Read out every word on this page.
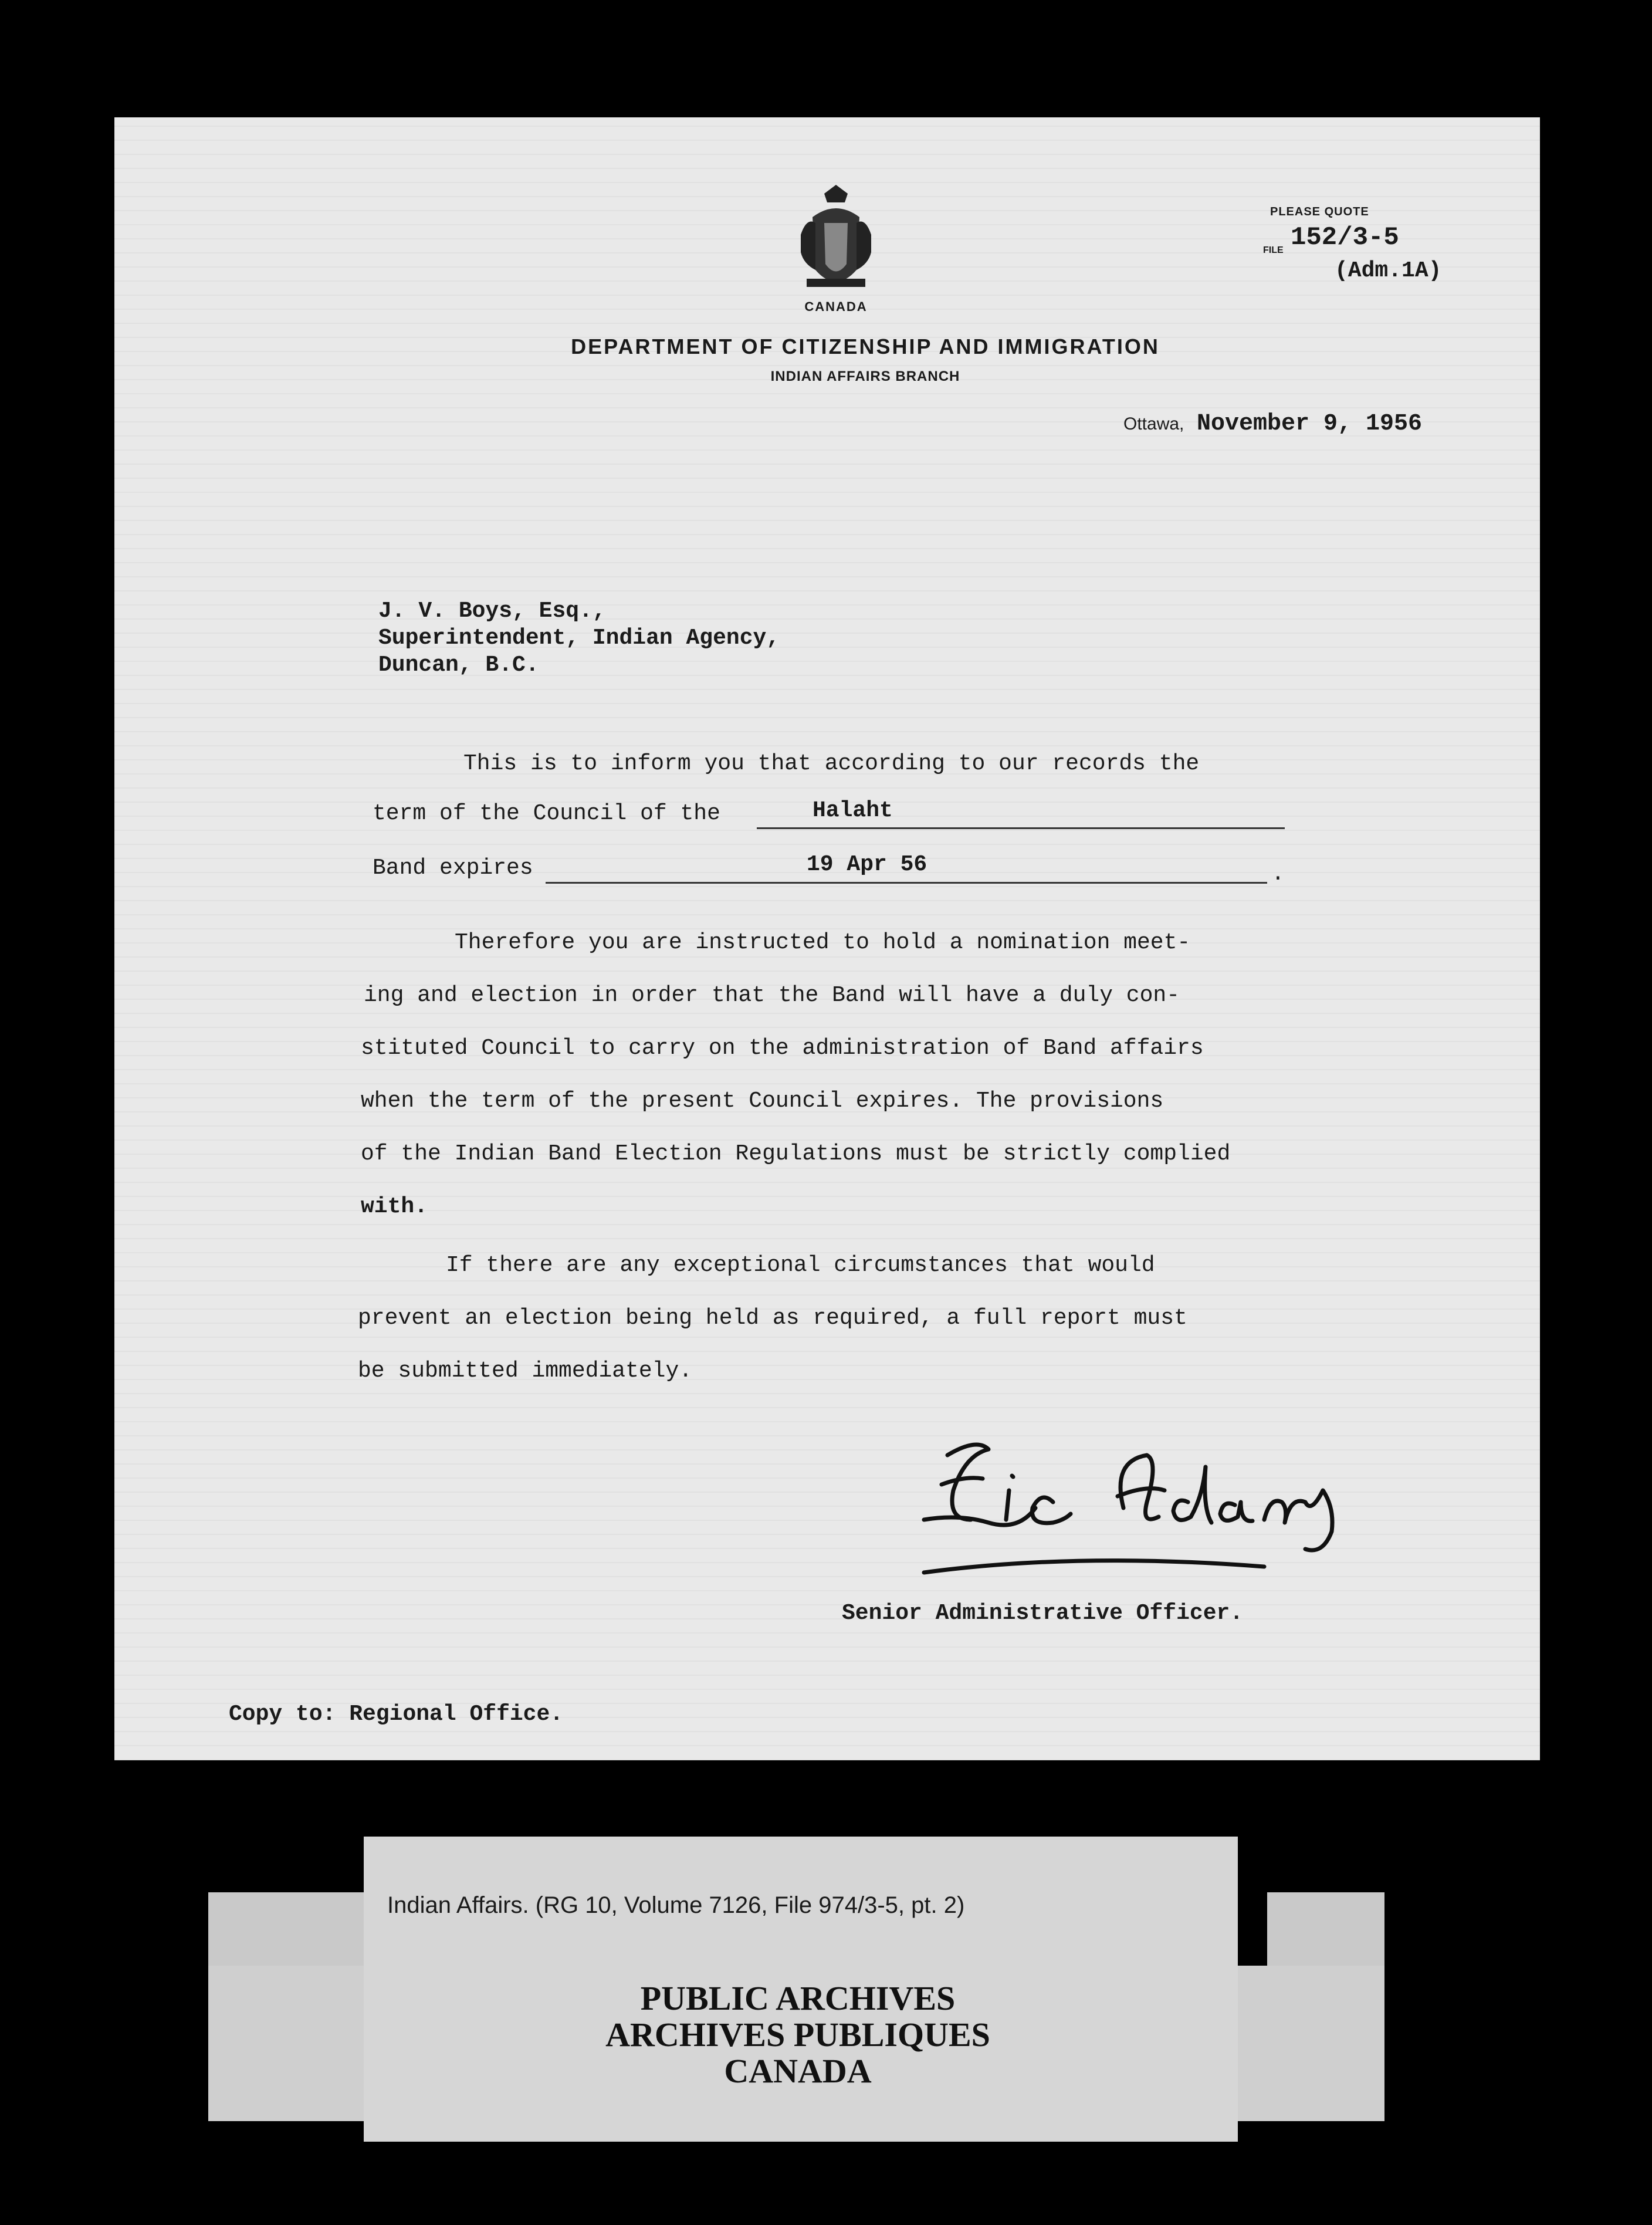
CANADA
DEPARTMENT OF CITIZENSHIP AND IMMIGRATION
INDIAN AFFAIRS BRANCH
PLEASE QUOTE
FILE 152/3-5
(Adm.1A)
Ottawa, November 9, 1956
J. V. Boys, Esq.,
Superintendent, Indian Agency,
Duncan, B.C.
This is to inform you that according to our records the
term of the Council of the	Halaht
Band expires	19 Apr 56	.
Therefore you are instructed to hold a nomination meet-
ing and election in order that the Band will have a duly con-
stituted Council to carry on the administration of Band affairs
when the term of the present Council expires. The provisions
of the Indian Band Election Regulations must be strictly complied
with.
If there are any exceptional circumstances that would
prevent an election being held as required, a full report must
be submitted immediately.
Senior Administrative Officer.
Copy to: Regional Office.
Indian Affairs. (RG 10, Volume 7126, File 974/3-5, pt. 2)
PUBLIC ARCHIVES
ARCHIVES PUBLIQUES
CANADA
